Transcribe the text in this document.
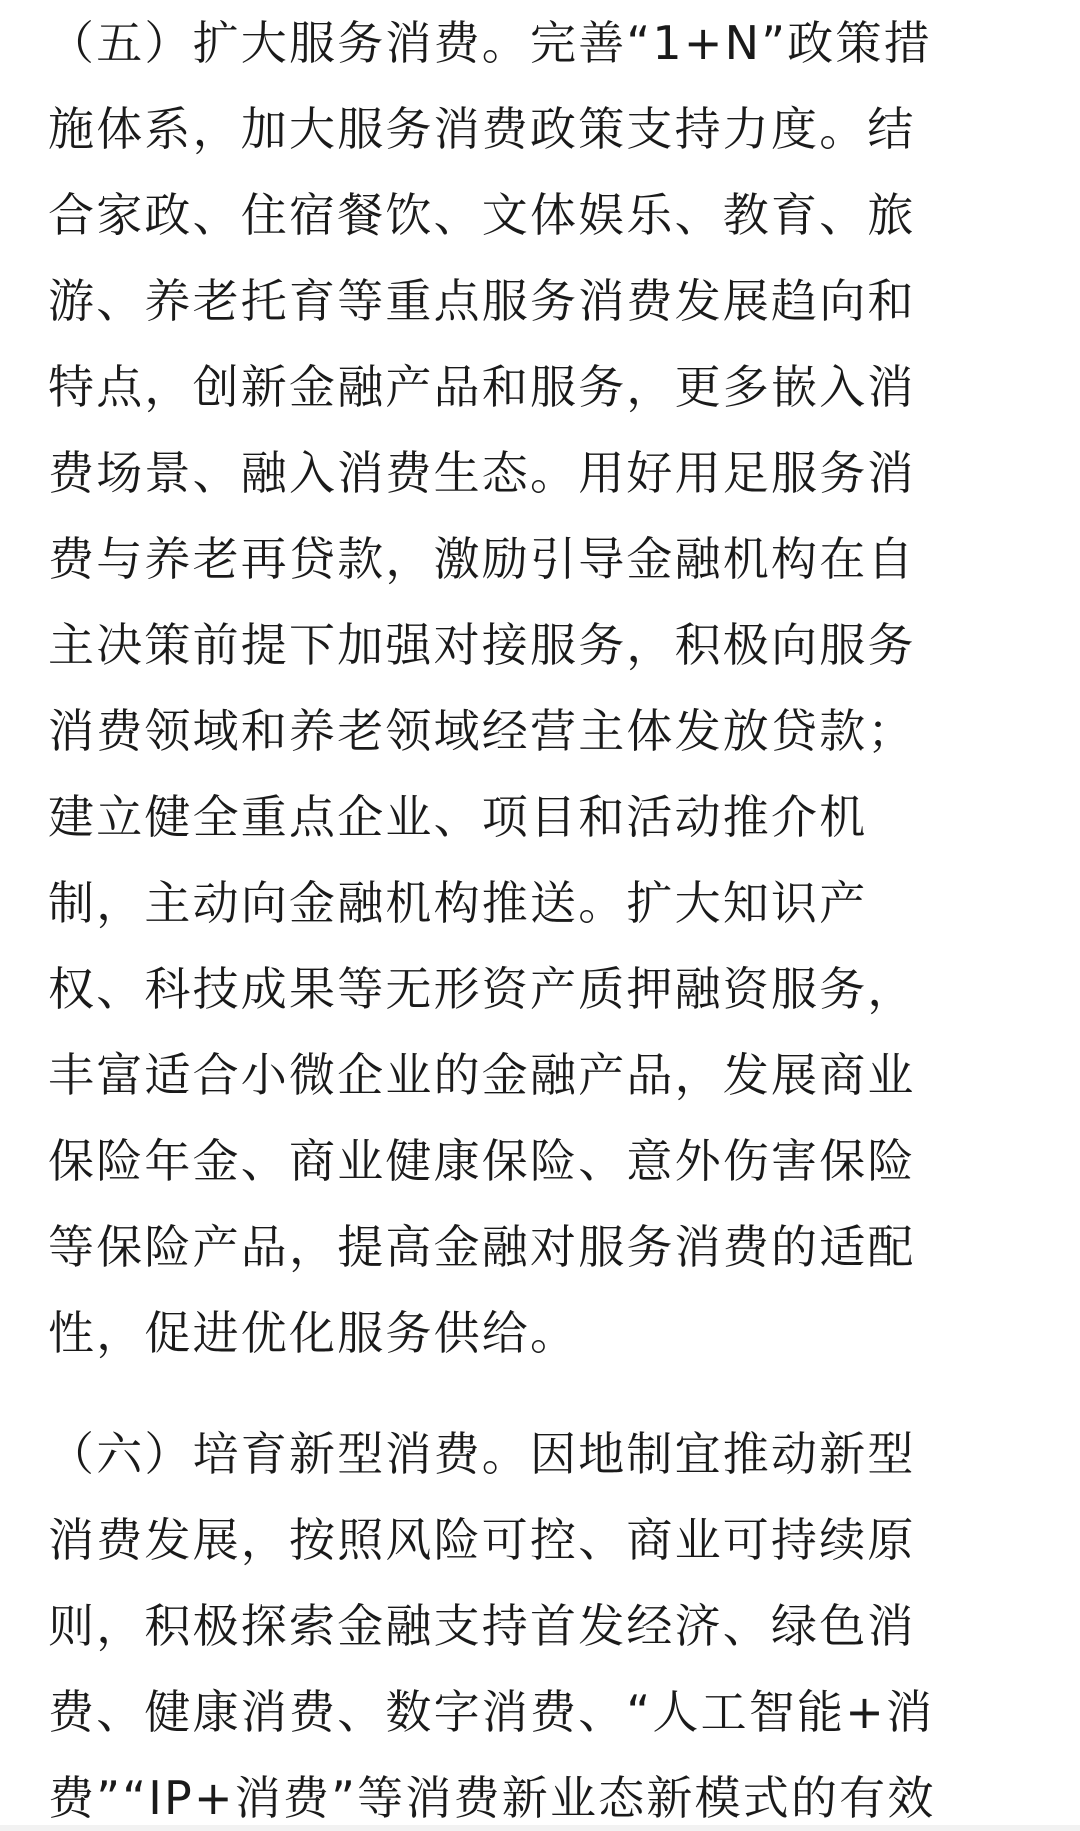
（五）扩大服务消费。完善“1+N”政策措
施体系，加大服务消费政策支持力度。结
合家政、住宿餐饮、文体娱乐、教育、旅
游、养老托育等重点服务消费发展趋向和
特点，创新金融产品和服务，更多嵌入消
费场景、融入消费生态。用好用足服务消
费与养老再贷款，激励引导金融机构在自
主决策前提下加强对接服务，积极向服务
消费领域和养老领域经营主体发放贷款；
建立健全重点企业、项目和活动推介机
制，主动向金融机构推送。扩大知识产
权、科技成果等无形资产质押融资服务，
丰富适合小微企业的金融产品，发展商业
保险年金、商业健康保险、意外伤害保险
等保险产品，提高金融对服务消费的适配
性，促进优化服务供给。
（六）培育新型消费。因地制宜推动新型
消费发展，按照风险可控、商业可持续原
则，积极探索金融支持首发经济、绿色消
费、健康消费、数字消费、“人工智能+消
费”“IP+消费”等消费新业态新模式的有效
